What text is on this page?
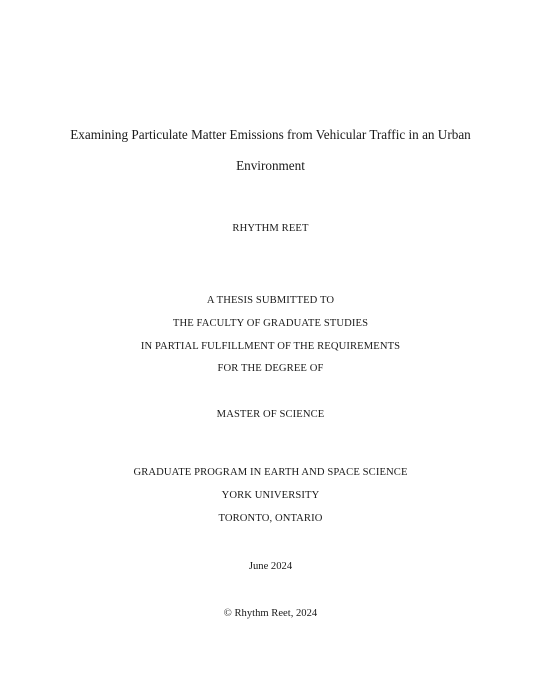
Examining Particulate Matter Emissions from Vehicular Traffic in an Urban
Environment
RHYTHM REET
A THESIS SUBMITTED TO
THE FACULTY OF GRADUATE STUDIES
IN PARTIAL FULFILLMENT OF THE REQUIREMENTS
FOR THE DEGREE OF
MASTER OF SCIENCE
GRADUATE PROGRAM IN EARTH AND SPACE SCIENCE
YORK UNIVERSITY
TORONTO, ONTARIO
June 2024
© Rhythm Reet, 2024
